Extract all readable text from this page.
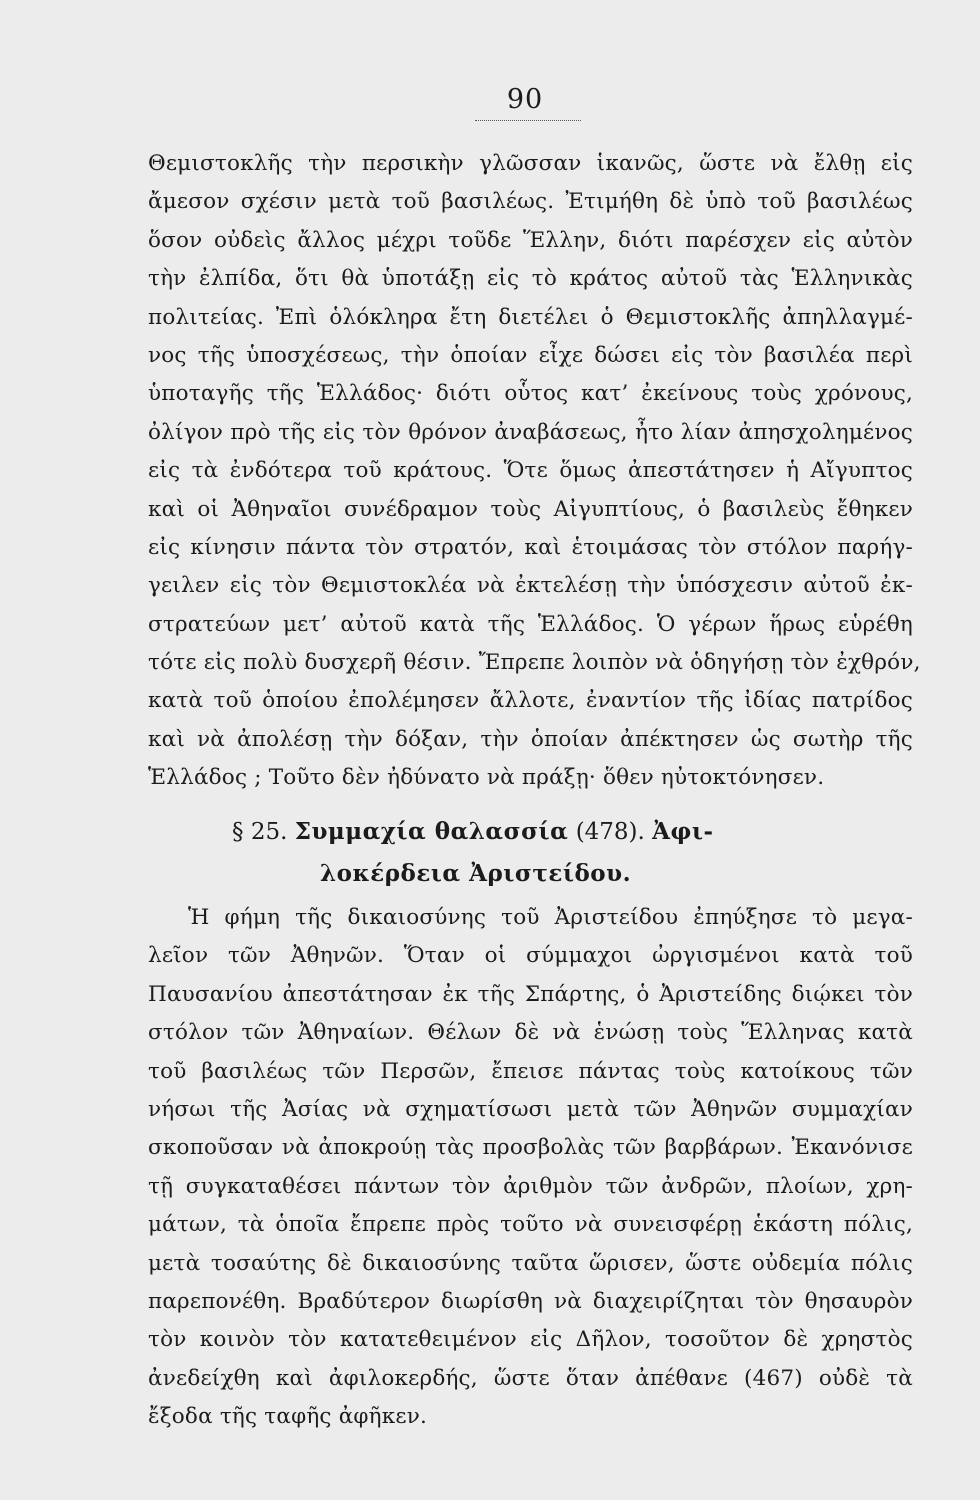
90
Θεμιστοκλῆς τὴν περσικὴν γλῶσσαν ἱκανῶς, ὥστε νὰ ἔλθῃ εἰς
ἄμεσον σχέσιν μετὰ τοῦ βασιλέως. Ἐτιμήθη δὲ ὑπὸ τοῦ βασιλέως
ὅσον οὐδεὶς ἄλλος μέχρι τοῦδε Ἕλλην, διότι παρέσχεν εἰς αὐτὸν
τὴν ἐλπίδα, ὅτι θὰ ὑποτάξῃ εἰς τὸ κράτος αὐτοῦ τὰς Ἑλληνικὰς
πολιτείας. Ἐπὶ ὁλόκληρα ἔτη διετέλει ὁ Θεμιστοκλῆς ἀπηλλαγμέ-
νος τῆς ὑποσχέσεως, τὴν ὁποίαν εἶχε δώσει εἰς τὸν βασιλέα περὶ
ὑποταγῆς τῆς Ἑλλάδος· διότι οὗτος κατ’ ἐκείνους τοὺς χρόνους,
ὀλίγον πρὸ τῆς εἰς τὸν θρόνον ἀναβάσεως, ἦτο λίαν ἀπησχολημένος
εἰς τὰ ἐνδότερα τοῦ κράτους. Ὅτε ὅμως ἀπεστάτησεν ἡ Αἴγυπτος
καὶ οἱ Ἀθηναῖοι συνέδραμον τοὺς Αἰγυπτίους, ὁ βασιλεὺς ἔθηκεν
εἰς κίνησιν πάντα τὸν στρατόν, καὶ ἑτοιμάσας τὸν στόλον παρήγ-
γειλεν εἰς τὸν Θεμιστοκλέα νὰ ἐκτελέσῃ τὴν ὑπόσχεσιν αὐτοῦ ἐκ-
στρατεύων μετ’ αὐτοῦ κατὰ τῆς Ἑλλάδος. Ὁ γέρων ἥρως εὑρέθη
τότε εἰς πολὺ δυσχερῆ θέσιν. Ἔπρεπε λοιπὸν νὰ ὁδηγήσῃ τὸν ἐχθρόν,
κατὰ τοῦ ὁποίου ἐπολέμησεν ἄλλοτε, ἐναντίον τῆς ἰδίας πατρίδος
καὶ νὰ ἀπολέσῃ τὴν δόξαν, τὴν ὁποίαν ἀπέκτησεν ὡς σωτὴρ τῆς
Ἑλλάδος ; Τοῦτο δὲν ἠδύνατο νὰ πράξῃ· ὅθεν ηὐτοκτόνησεν.
§ 25. Συμμαχία θαλασσία (478). Ἀφι-
λοκέρδεια Ἀριστείδου.
Ἡ φήμη τῆς δικαιοσύνης τοῦ Ἀριστείδου ἐπηύξησε τὸ μεγα-
λεῖον τῶν Ἀθηνῶν. Ὅταν οἱ σύμμαχοι ὠργισμένοι κατὰ τοῦ
Παυσανίου ἀπεστάτησαν ἐκ τῆς Σπάρτης, ὁ Ἀριστείδης διῴκει τὸν
στόλον τῶν Ἀθηναίων. Θέλων δὲ νὰ ἑνώσῃ τοὺς Ἕλληνας κατὰ
τοῦ βασιλέως τῶν Περσῶν, ἔπεισε πάντας τοὺς κατοίκους τῶν
νήσωι τῆς Ἀσίας νὰ σχηματίσωσι μετὰ τῶν Ἀθηνῶν συμμαχίαν
σκοποῦσαν νὰ ἀποκρούῃ τὰς προσβολὰς τῶν βαρβάρων. Ἐκανόνισε
τῇ συγκαταθέσει πάντων τὸν ἀριθμὸν τῶν ἀνδρῶν, πλοίων, χρη-
μάτων, τὰ ὁποῖα ἔπρεπε πρὸς τοῦτο νὰ συνεισφέρῃ ἑκάστη πόλις,
μετὰ τοσαύτης δὲ δικαιοσύνης ταῦτα ὥρισεν, ὥστε οὐδεμία πόλις
παρεπονέθη. Βραδύτερον διωρίσθη νὰ διαχειρίζηται τὸν θησαυρὸν
τὸν κοινὸν τὸν κατατεθειμένον εἰς Δῆλον, τοσοῦτον δὲ χρηστὸς
ἀνεδείχθη καὶ ἀφιλοκερδής, ὥστε ὅταν ἀπέθανε (467) οὐδὲ τὰ
ἔξοδα τῆς ταφῆς ἀφῆκεν.
